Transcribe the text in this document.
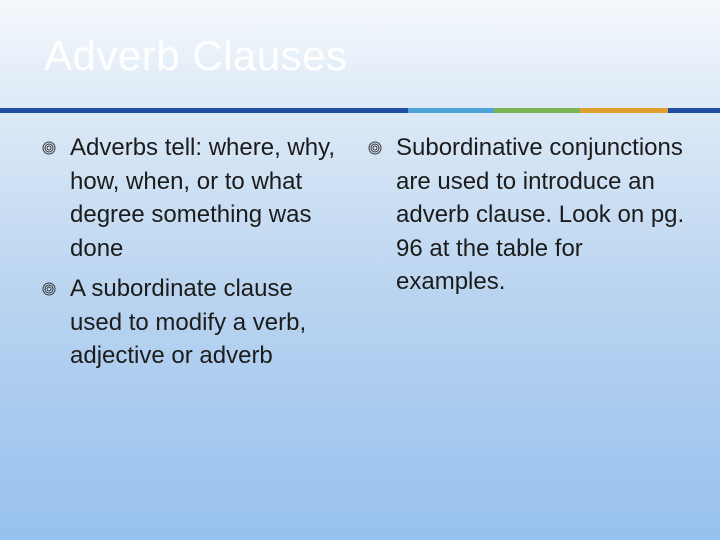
Adverb Clauses
Adverbs tell: where, why, how, when, or to what degree something was done
A subordinate clause used to modify a verb, adjective or adverb
Subordinative conjunctions are used to introduce an adverb clause. Look on pg. 96 at the table for examples.
